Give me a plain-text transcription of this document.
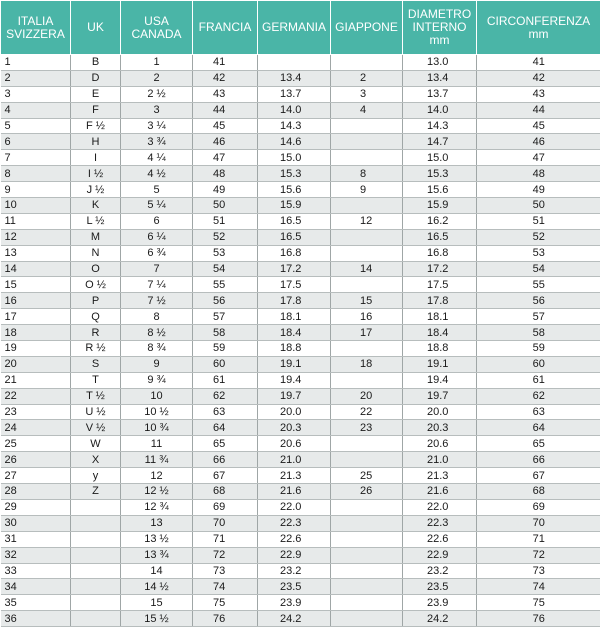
ITALIA
SVIZZERA	UK	USA
CANADA	FRANCIA	GERMANIA	GIAPPONE	DIAMETRO
INTERNO
mm	CIRCONFERENZA
mm
1	B	1	41			13.0	41
2	D	2	42	13.4	2	13.4	42
3	E	2 ½	43	13.7	3	13.7	43
4	F	3	44	14.0	4	14.0	44
5	F ½	3 ¼	45	14.3		14.3	45
6	H	3 ¾	46	14.6		14.7	46
7	I	4 ¼	47	15.0		15.0	47
8	I ½	4 ½	48	15.3	8	15.3	48
9	J ½	5	49	15.6	9	15.6	49
10	K	5 ¼	50	15.9		15.9	50
11	L ½	6	51	16.5	12	16.2	51
12	M	6 ¼	52	16.5		16.5	52
13	N	6 ¾	53	16.8		16.8	53
14	O	7	54	17.2	14	17.2	54
15	O ½	7 ¼	55	17.5		17.5	55
16	P	7 ½	56	17.8	15	17.8	56
17	Q	8	57	18.1	16	18.1	57
18	R	8 ½	58	18.4	17	18.4	58
19	R ½	8 ¾	59	18.8		18.8	59
20	S	9	60	19.1	18	19.1	60
21	T	9 ¾	61	19.4		19.4	61
22	T ½	10	62	19.7	20	19.7	62
23	U ½	10 ½	63	20.0	22	20.0	63
24	V ½	10 ¾	64	20.3	23	20.3	64
25	W	11	65	20.6		20.6	65
26	X	11 ¾	66	21.0		21.0	66
27	y	12	67	21.3	25	21.3	67
28	Z	12 ½	68	21.6	26	21.6	68
29		12 ¾	69	22.0		22.0	69
30		13	70	22.3		22.3	70
31		13 ½	71	22.6		22.6	71
32		13 ¾	72	22.9		22.9	72
33		14	73	23.2		23.2	73
34		14 ½	74	23.5		23.5	74
35		15	75	23.9		23.9	75
36		15 ½	76	24.2		24.2	76
